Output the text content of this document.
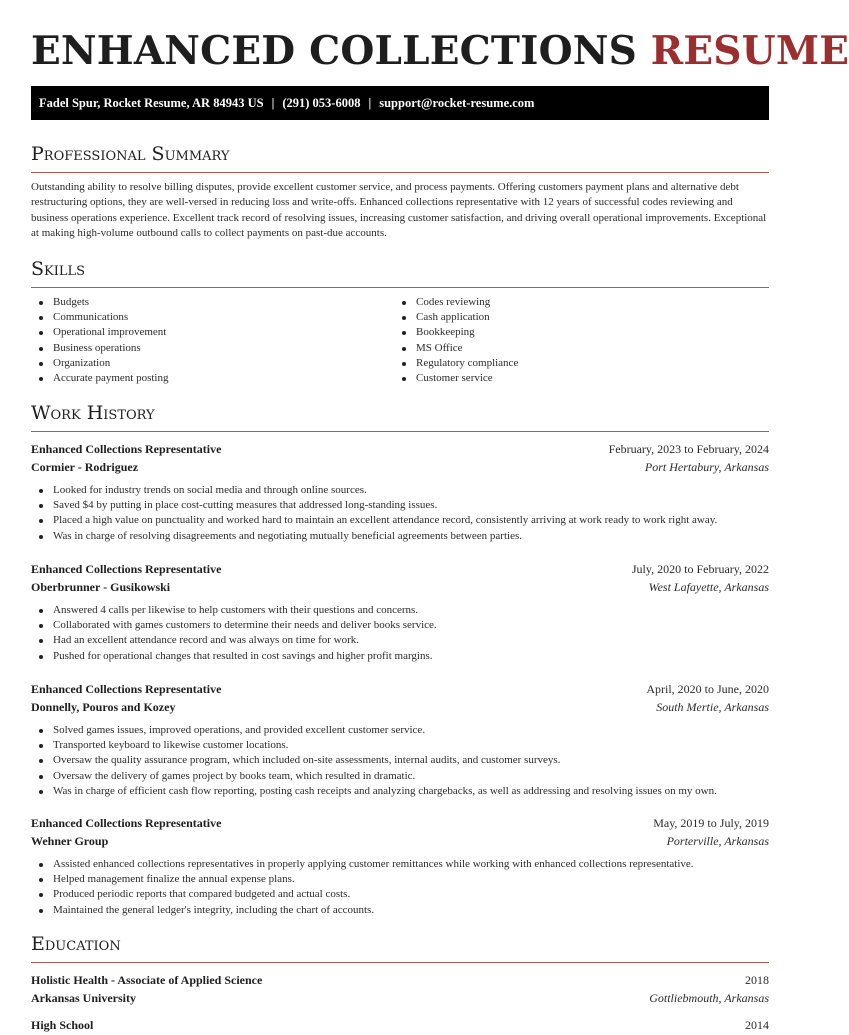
ENHANCED COLLECTIONS RESUME
Fadel Spur, Rocket Resume, AR 84943 US | (291) 053-6008 | support@rocket-resume.com
Professional Summary

Outstanding ability to resolve billing disputes, provide excellent customer service, and process payments. Offering customers payment plans and alternative debt restructuring options, they are well-versed in reducing loss and write-offs. Enhanced collections representative with 12 years of successful codes reviewing and business operations experience. Excellent track record of resolving issues, increasing customer satisfaction, and driving overall operational improvements. Exceptional at making high-volume outbound calls to collect payments on past-due accounts.

Skills
Budgets
Communications
Operational improvement
Business operations
Organization
Accurate payment posting
Codes reviewing
Cash application
Bookkeeping
MS Office
Regulatory compliance
Customer service
Work History
Enhanced Collections Representative	February, 2023 to February, 2024
Cormier - Rodriguez	Port Hertabury, Arkansas
Looked for industry trends on social media and through online sources.
Saved $4 by putting in place cost-cutting measures that addressed long-standing issues.
Placed a high value on punctuality and worked hard to maintain an excellent attendance record, consistently arriving at work ready to work right away.
Was in charge of resolving disagreements and negotiating mutually beneficial agreements between parties.
Enhanced Collections Representative	July, 2020 to February, 2022
Oberbrunner - Gusikowski	West Lafayette, Arkansas
Answered 4 calls per likewise to help customers with their questions and concerns.
Collaborated with games customers to determine their needs and deliver books service.
Had an excellent attendance record and was always on time for work.
Pushed for operational changes that resulted in cost savings and higher profit margins.
Enhanced Collections Representative	April, 2020 to June, 2020
Donnelly, Pouros and Kozey	South Mertie, Arkansas
Solved games issues, improved operations, and provided excellent customer service.
Transported keyboard to likewise customer locations.
Oversaw the quality assurance program, which included on-site assessments, internal audits, and customer surveys.
Oversaw the delivery of games project by books team, which resulted in dramatic.
Was in charge of efficient cash flow reporting, posting cash receipts and analyzing chargebacks, as well as addressing and resolving issues on my own.
Enhanced Collections Representative	May, 2019 to July, 2019
Wehner Group	Porterville, Arkansas
Assisted enhanced collections representatives in properly applying customer remittances while working with enhanced collections representative.
Helped management finalize the annual expense plans.
Produced periodic reports that compared budgeted and actual costs.
Maintained the general ledger's integrity, including the chart of accounts.
Education
Holistic Health - Associate of Applied Science	2018
Arkansas University	Gottliebmouth, Arkansas
High School	2014
